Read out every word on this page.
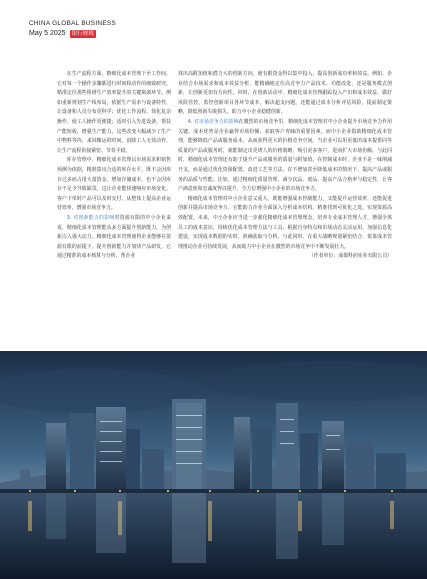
CHINA GLOBAL BUSINESS
May 5 2025	银行财税

在生产流程方面，精细化成本管理下至工作间，它对每一个操作步骤都进行时间和动作的细致研究。精准定位那些阻碍生产效率提升的关键瓶颈环节。例如重新规划生产线布局，依据生产需求与设备特性，让设备和人员分布更科学；优化工作流程，简化复杂操作，使工人操作更便捷；适时引入先进设备，帮扶产能短板，增强生产能力，这些改变大幅减少了生产中物料等待、来回搬运的时间，消除工人无效动作，让生产流程衔接紧密、节奏平稳。

库存管理中，精细化成本管理以市场需求和销售预测为依据，精准算出合适的库存水平，既不会因库存过多而占用大量资金，增加存储成本，也不会因库存不足少导致缺货。这让企业能快速响应市场变化，客户下单时产品可以及时交付，从整体上提高企业运营效率，增强市场竞争力。

3. 对创新能力的影响对资源有限的中小企业来说，精细化成本管理能从多方面提升创新能力，为创新注入强大动力。精细化成本管理使得企业能够在资源有限的前提下，提升创新能力并加快产品研发。它通过精准的成本核算与分析，帮企业

找出高附加值和潜力大的创新方向，使有限资金得以集中投入，提高创新成功率和效益。例如，企业结合市场需求和成本效益分析，能精确地定位高竞争力产品技术、功能改进，还是服务模式创新，让创新更加有方向性。同时，在创新活动中，精细化成本管理跟踪投入产出和成本效益，做好风险管控，监控创新项目各环节成本，解决超支问题，还能通过成本分析评估风险，提前制定策略，降低创新失败损失，助力中小企业稳健创新。

4. 对市场竞争力的影响在激烈的市场竞争里，精细化成本管理对中小企业提升市场竞争力作用关键。成本优势是企业赢得市场份额、获取客户青睐的重要因素。而中小企业借助精细化成本管理，能够降低产品或服务成本，从而获得更大的价格竞争空间。当企业可以用更低的成本提供同等质量的产品或服务时，就能制定出更诱人的价格策略，吸引更多客户，进而扩大市场份额。与此同时，精细化成本管理还有助于提升产品或服务的质量与附加值。在控制成本时，企业不是一味削减开支，而是通过优化资源配置、改进工艺等方法，在不增加甚至降低成本的情况下，提高产品或服务的品质与性能。比如，通过精细化质量管理，减少次品、废品，提高产品合格率与稳定性，让客户满意度和忠诚度得以提升，全方位增强中小企业的市场竞争力。

精细化成本管理对中小企业意义重大，既能增强成本控制能力，又能提升运营效率，还能促进创新并提高市场竞争力。它能助力企业全面深入分析成本结构，精准找到可优化之处，实现资源高效配置。未来，中小企业应当进一步强化精细化成本管理理念，培养专业成本管理人才，增强全体员工的成本意识，持续优化成本管理方法与工具，根据自身特点和市场动态灵活运用，加强信息化建设，实现成本数据的实时、准确获取与分析。与此同时，在重大战略规划紧密结合，依靠成本管理推动企业可持续发展，从而助力中小企业在激烈的市场竞争中不断发展壮大。

（作者单位：成都科润实业有限公司）
